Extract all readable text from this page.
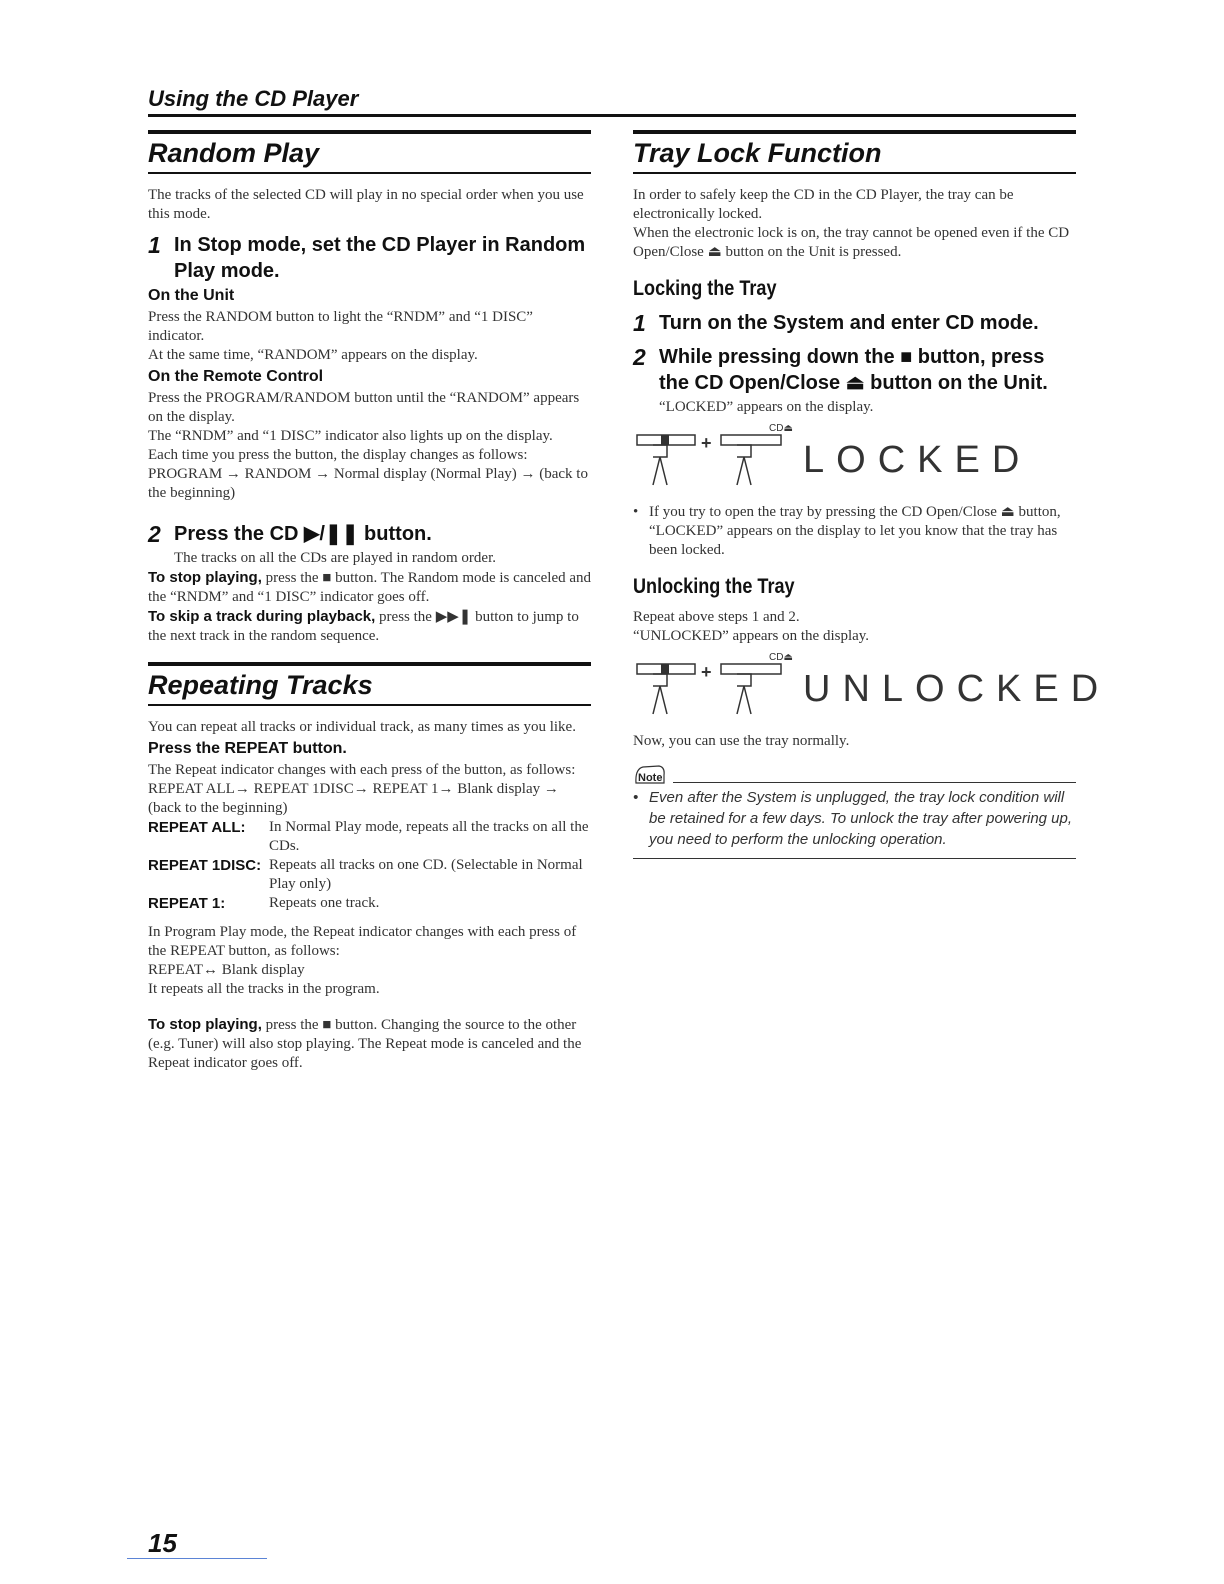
Using the CD Player
Random Play

The tracks of the selected CD will play in no special order when you use this mode.

1 In Stop mode, set the CD Player in Random Play mode.
On the Unit

Press the RANDOM button to light the “RNDM” and “1 DISC” indicator.

At the same time, “RANDOM” appears on the display.

On the Remote Control

Press the PROGRAM/RANDOM button until the “RANDOM” appears on the display.

The “RNDM” and “1 DISC” indicator also lights up on the display.

Each time you press the button, the display changes as follows:

PROGRAM → RANDOM → Normal display (Normal Play) → (back to the beginning)

2 Press the CD ▶/❚❚ button.

The tracks on all the CDs are played in random order.

To stop playing, press the ■ button. The Random mode is canceled and the “RNDM” and “1 DISC” indicator goes off.

To skip a track during playback, press the ▶▶❚ button to jump to the next track in the random sequence.

Repeating Tracks

You can repeat all tracks or individual track, as many times as you like.

Press the REPEAT button.

The Repeat indicator changes with each press of the button, as follows:

REPEAT ALL→ REPEAT 1DISC→ REPEAT 1→ Blank display → (back to the beginning)

REPEAT ALL:	In Normal Play mode, repeats all the tracks on all the CDs.
REPEAT 1DISC: Repeats all tracks on one CD. (Selectable in Normal Play only)
REPEAT 1:	Repeats one track.

In Program Play mode, the Repeat indicator changes with each press of the REPEAT button, as follows:

REPEAT↔ Blank display

It repeats all the tracks in the program.

To stop playing, press the ■ button. Changing the source to the other (e.g. Tuner) will also stop playing. The Repeat mode is canceled and the Repeat indicator goes off.

Tray Lock Function

In order to safely keep the CD in the CD Player, the tray can be electronically locked.

When the electronic lock is on, the tray cannot be opened even if the CD Open/Close ⏏ button on the Unit is pressed.

Locking the Tray
1 Turn on the System and enter CD mode.
2 While pressing down the ■ button, press the CD Open/Close ⏏ button on the Unit.

“LOCKED” appears on the display.

+
CD⏏
LOCKED
• If you try to open the tray by pressing the CD Open/Close ⏏ button, “LOCKED” appears on the display to let you know that the tray has been locked.
Unlocking the Tray

Repeat above steps 1 and 2.

“UNLOCKED” appears on the display.

+
CD⏏
UNLOCKED

Now, you can use the tray normally.

Note
• Even after the System is unplugged, the tray lock condition will be retained for a few days. To unlock the tray after powering up, you need to perform the unlocking operation.
15
